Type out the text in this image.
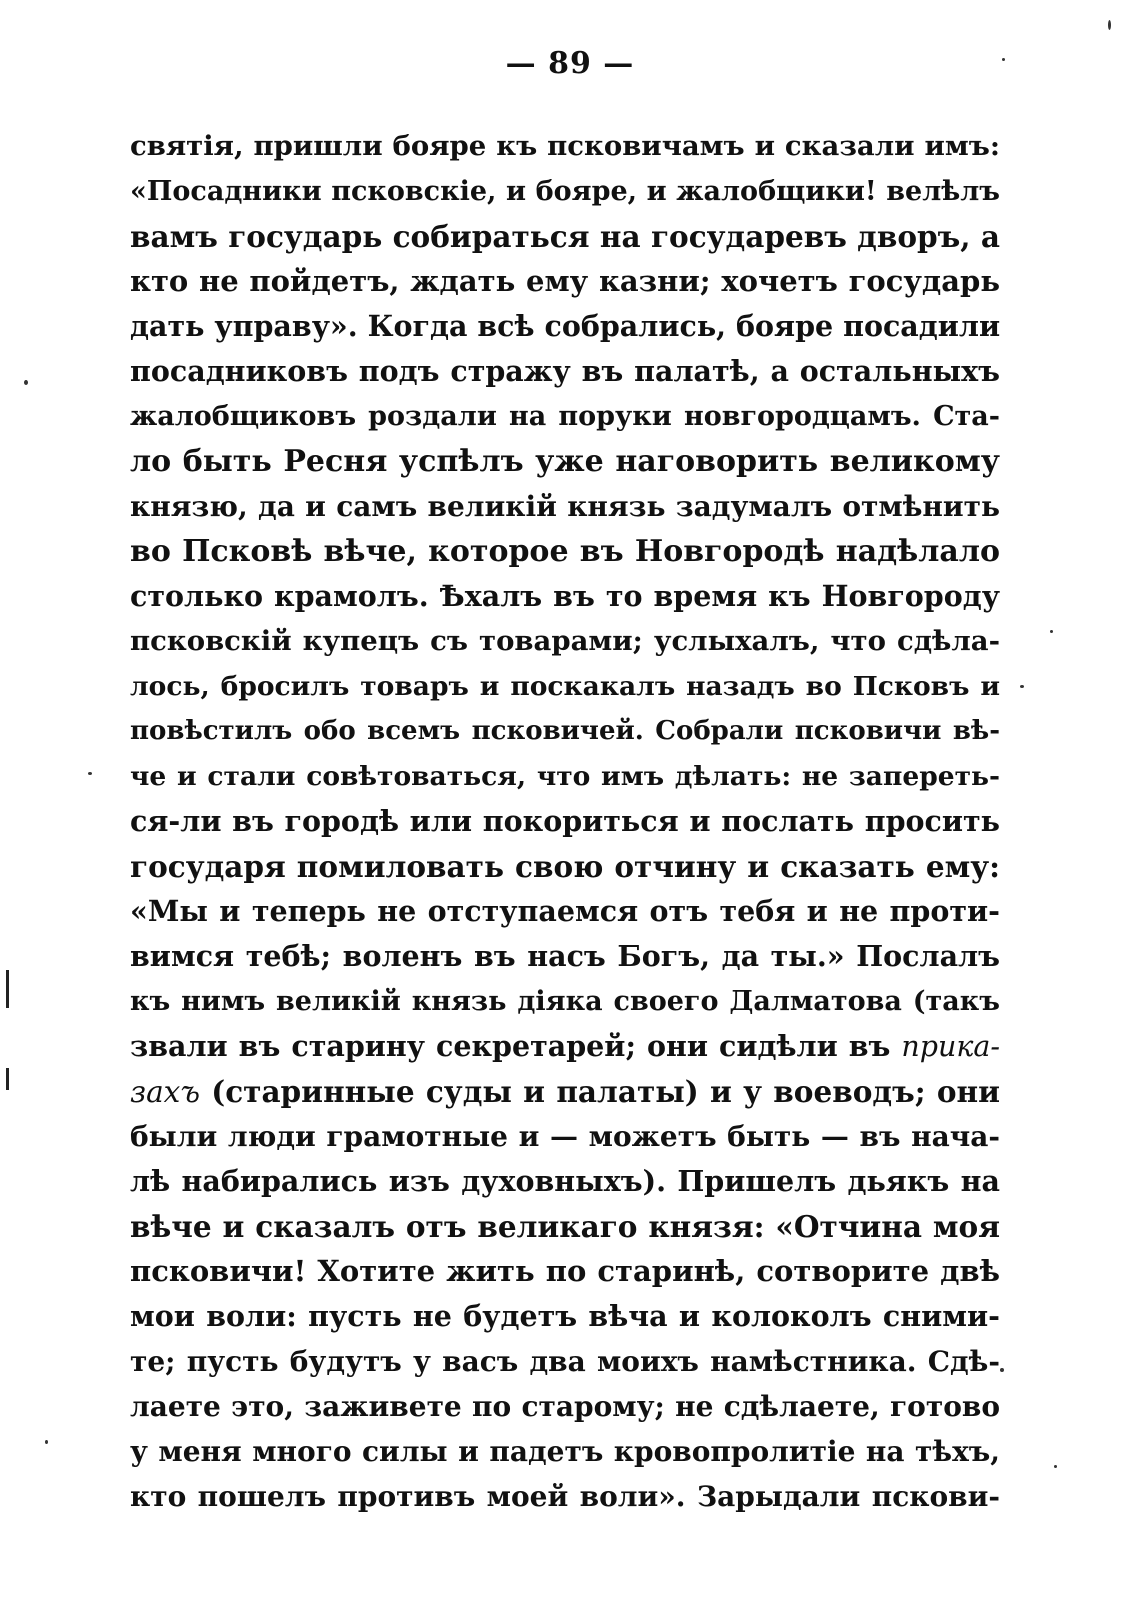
— 89 —
святія, пришли бояре къ псковичамъ и сказали имъ:
«Посадники псковскіе, и бояре, и жалобщики! велѣлъ
вамъ государь собираться на государевъ дворъ, а
кто не пойдетъ, ждать ему казни; хочетъ государь
дать управу». Когда всѣ собрались, бояре посадили
посадниковъ подъ стражу въ палатѣ, а остальныхъ
жалобщиковъ роздали на поруки новгородцамъ. Ста-
ло быть Ресня успѣлъ уже наговорить великому
князю, да и самъ великій князь задумалъ отмѣнить
во Псковѣ вѣче, которое въ Новгородѣ надѣлало
столько крамолъ. Ѣхалъ въ то время къ Новгороду
псковскій купецъ съ товарами; услыхалъ, что сдѣла-
лось, бросилъ товаръ и поскакалъ назадъ во Псковъ и
повѣстилъ обо всемъ псковичей. Собрали псковичи вѣ-
че и стали совѣтоваться, что имъ дѣлать: не запереть-
ся-ли въ городѣ или покориться и послать просить
государя помиловать свою отчину и сказать ему:
«Мы и теперь не отступаемся отъ тебя и не проти-
вимся тебѣ; воленъ въ насъ Богъ, да ты.» Послалъ
къ нимъ великій князь діяка своего Далматова (такъ
звали въ старину секретарей; они сидѣли въ прика-
захъ (старинные суды и палаты) и у воеводъ; они
были люди грамотные и — можетъ быть — въ нача-
лѣ набирались изъ духовныхъ). Пришелъ дьякъ на
вѣче и сказалъ отъ великаго князя: «Отчина моя
псковичи! Хотите жить по старинѣ, сотворите двѣ
мои воли: пусть не будетъ вѣча и колоколъ сними-
те; пусть будутъ у васъ два моихъ намѣстника. Сдѣ-
лаете это, заживете по старому; не сдѣлаете, готово
у меня много силы и падетъ кровопролитіе на тѣхъ,
кто пошелъ противъ моей воли». Зарыдали пскови-
